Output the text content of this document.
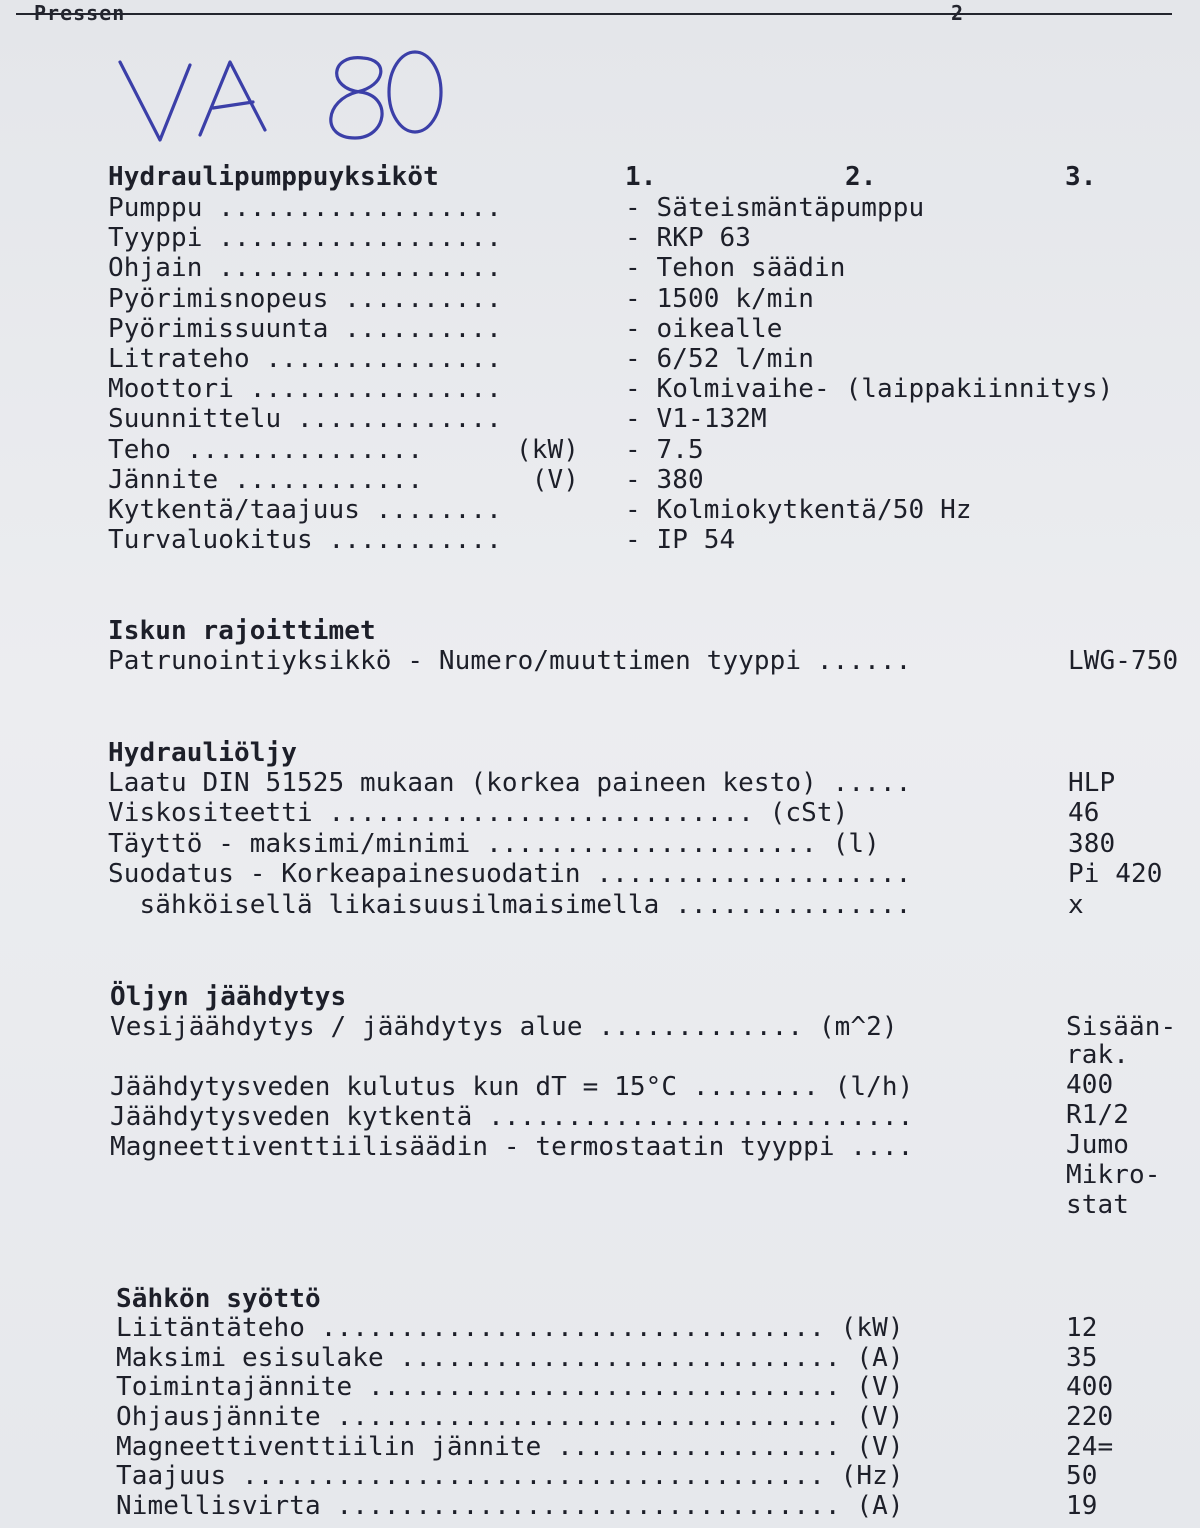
Pressen	2
Hydraulipumppuyksiköt	1.	2.	3.
Pumppu ..................	- Säteismäntäpumppu
Tyyppi ..................	- RKP 63
Ohjain ..................	- Tehon säädin
Pyörimisnopeus ..........	- 1500 k/min
Pyörimissuunta ..........	- oikealle
Litrateho ...............	- 6/52 l/min
Moottori ................	- Kolmivaihe- (laippakiinnitys)
Suunnittelu .............	- V1-132M
Teho ...............	(kW) - 7.5
Jännite ............	(V) - 380
Kytkentä/taajuus ........	- Kolmiokytkentä/50 Hz
Turvaluokitus ...........	- IP 54
Iskun rajoittimet
Patrunointiyksikkö - Numero/muuttimen tyyppi ......	LWG-750
Hydrauliöljy
Laatu DIN 51525 mukaan (korkea paineen kesto) .....	HLP
Viskositeetti ........................... (cSt)	46
Täyttö - maksimi/minimi ..................... (l)	380
Suodatus - Korkeapainesuodatin ....................	Pi 420
sähköisellä likaisuusilmaisimella ...............	x
Öljyn jäähdytys
Vesijäähdytys / jäähdytys alue ............. (m^2)	Sisään-
rak.
Jäähdytysveden kulutus kun dT = 15°C ........ (l/h)	400
Jäähdytysveden kytkentä ...........................	R1/2
Magneettiventtiilisäädin - termostaatin tyyppi ....	Jumo
Mikro-
stat
Sähkön syöttö
Liitäntäteho ................................ (kW)	12
Maksimi esisulake ............................ (A)	35
Toimintajännite .............................. (V)	400
Ohjausjännite ................................ (V)	220
Magneettiventtiilin jännite .................. (V)	24=
Taajuus ..................................... (Hz)	50
Nimellisvirta ................................ (A)	19
